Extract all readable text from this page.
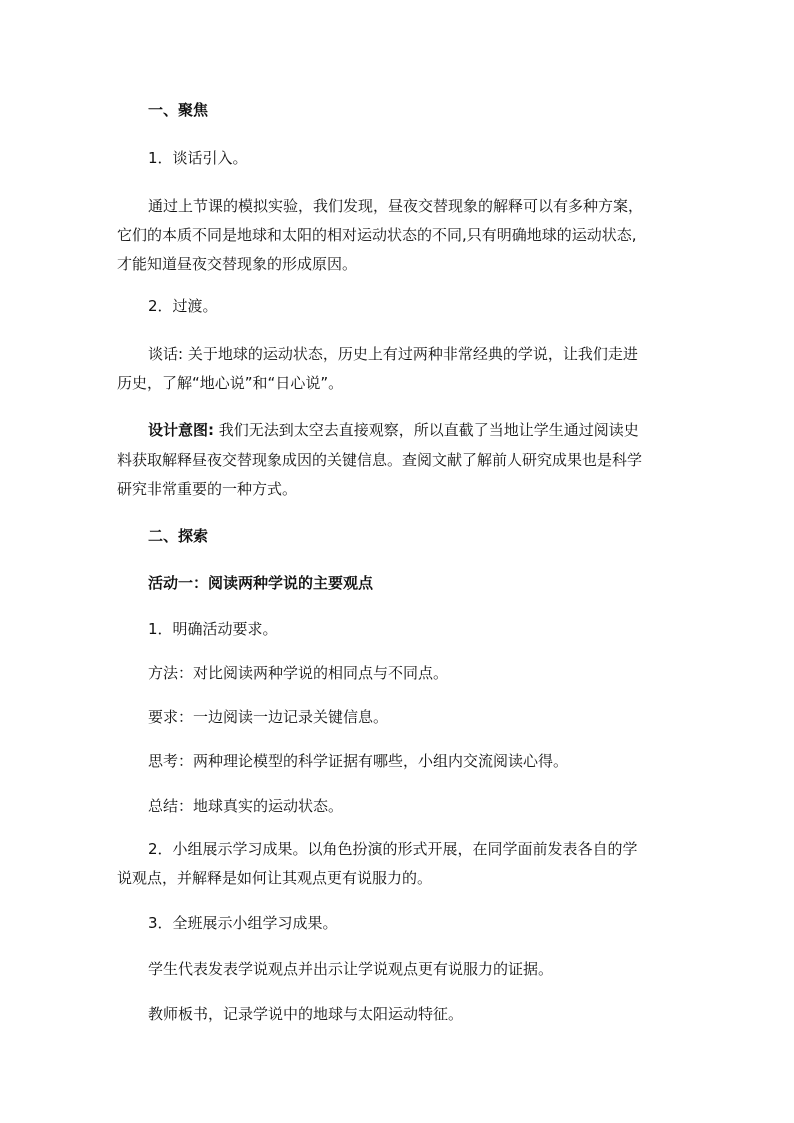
一、聚焦
1．谈话引入。
通过上节课的模拟实验，我们发现，昼夜交替现象的解释可以有多种方案，
它们的本质不同是地球和太阳的相对运动状态的不同,只有明确地球的运动状态,
才能知道昼夜交替现象的形成原因。
2．过渡。
谈话: 关于地球的运动状态，历史上有过两种非常经典的学说，让我们走进
历史，了解“地心说”和“日心说”。
设计意图: 我们无法到太空去直接观察，所以直截了当地让学生通过阅读史
料获取解释昼夜交替现象成因的关键信息。查阅文献了解前人研究成果也是科学
研究非常重要的一种方式。
二、探索
活动一：阅读两种学说的主要观点
1．明确活动要求。
方法：对比阅读两种学说的相同点与不同点。
要求：一边阅读一边记录关键信息。
思考：两种理论模型的科学证据有哪些，小组内交流阅读心得。
总结：地球真实的运动状态。
2．小组展示学习成果。以角色扮演的形式开展，在同学面前发表各自的学
说观点，并解释是如何让其观点更有说服力的。
3．全班展示小组学习成果。
学生代表发表学说观点并出示让学说观点更有说服力的证据。
教师板书，记录学说中的地球与太阳运动特征。
